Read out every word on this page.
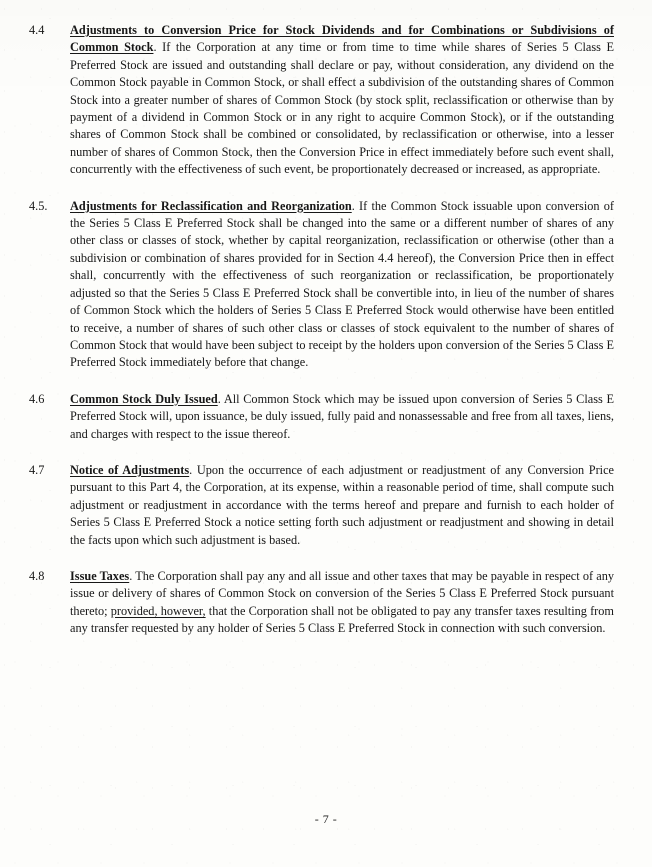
4.4	Adjustments to Conversion Price for Stock Dividends and for Combinations or Subdivisions of Common Stock. If the Corporation at any time or from time to time while shares of Series 5 Class E Preferred Stock are issued and outstanding shall declare or pay, without consideration, any dividend on the Common Stock payable in Common Stock, or shall effect a subdivision of the outstanding shares of Common Stock into a greater number of shares of Common Stock (by stock split, reclassification or otherwise than by payment of a dividend in Common Stock or in any right to acquire Common Stock), or if the outstanding shares of Common Stock shall be combined or consolidated, by reclassification or otherwise, into a lesser number of shares of Common Stock, then the Conversion Price in effect immediately before such event shall, concurrently with the effectiveness of such event, be proportionately decreased or increased, as appropriate.
4.5.	Adjustments for Reclassification and Reorganization. If the Common Stock issuable upon conversion of the Series 5 Class E Preferred Stock shall be changed into the same or a different number of shares of any other class or classes of stock, whether by capital reorganization, reclassification or otherwise (other than a subdivision or combination of shares provided for in Section 4.4 hereof), the Conversion Price then in effect shall, concurrently with the effectiveness of such reorganization or reclassification, be proportionately adjusted so that the Series 5 Class E Preferred Stock shall be convertible into, in lieu of the number of shares of Common Stock which the holders of Series 5 Class E Preferred Stock would otherwise have been entitled to receive, a number of shares of such other class or classes of stock equivalent to the number of shares of Common Stock that would have been subject to receipt by the holders upon conversion of the Series 5 Class E Preferred Stock immediately before that change.
4.6	Common Stock Duly Issued. All Common Stock which may be issued upon conversion of Series 5 Class E Preferred Stock will, upon issuance, be duly issued, fully paid and nonassessable and free from all taxes, liens, and charges with respect to the issue thereof.
4.7	Notice of Adjustments. Upon the occurrence of each adjustment or readjustment of any Conversion Price pursuant to this Part 4, the Corporation, at its expense, within a reasonable period of time, shall compute such adjustment or readjustment in accordance with the terms hereof and prepare and furnish to each holder of Series 5 Class E Preferred Stock a notice setting forth such adjustment or readjustment and showing in detail the facts upon which such adjustment is based.
4.8	Issue Taxes. The Corporation shall pay any and all issue and other taxes that may be payable in respect of any issue or delivery of shares of Common Stock on conversion of the Series 5 Class E Preferred Stock pursuant thereto; provided, however, that the Corporation shall not be obligated to pay any transfer taxes resulting from any transfer requested by any holder of Series 5 Class E Preferred Stock in connection with such conversion.
- 7 -
